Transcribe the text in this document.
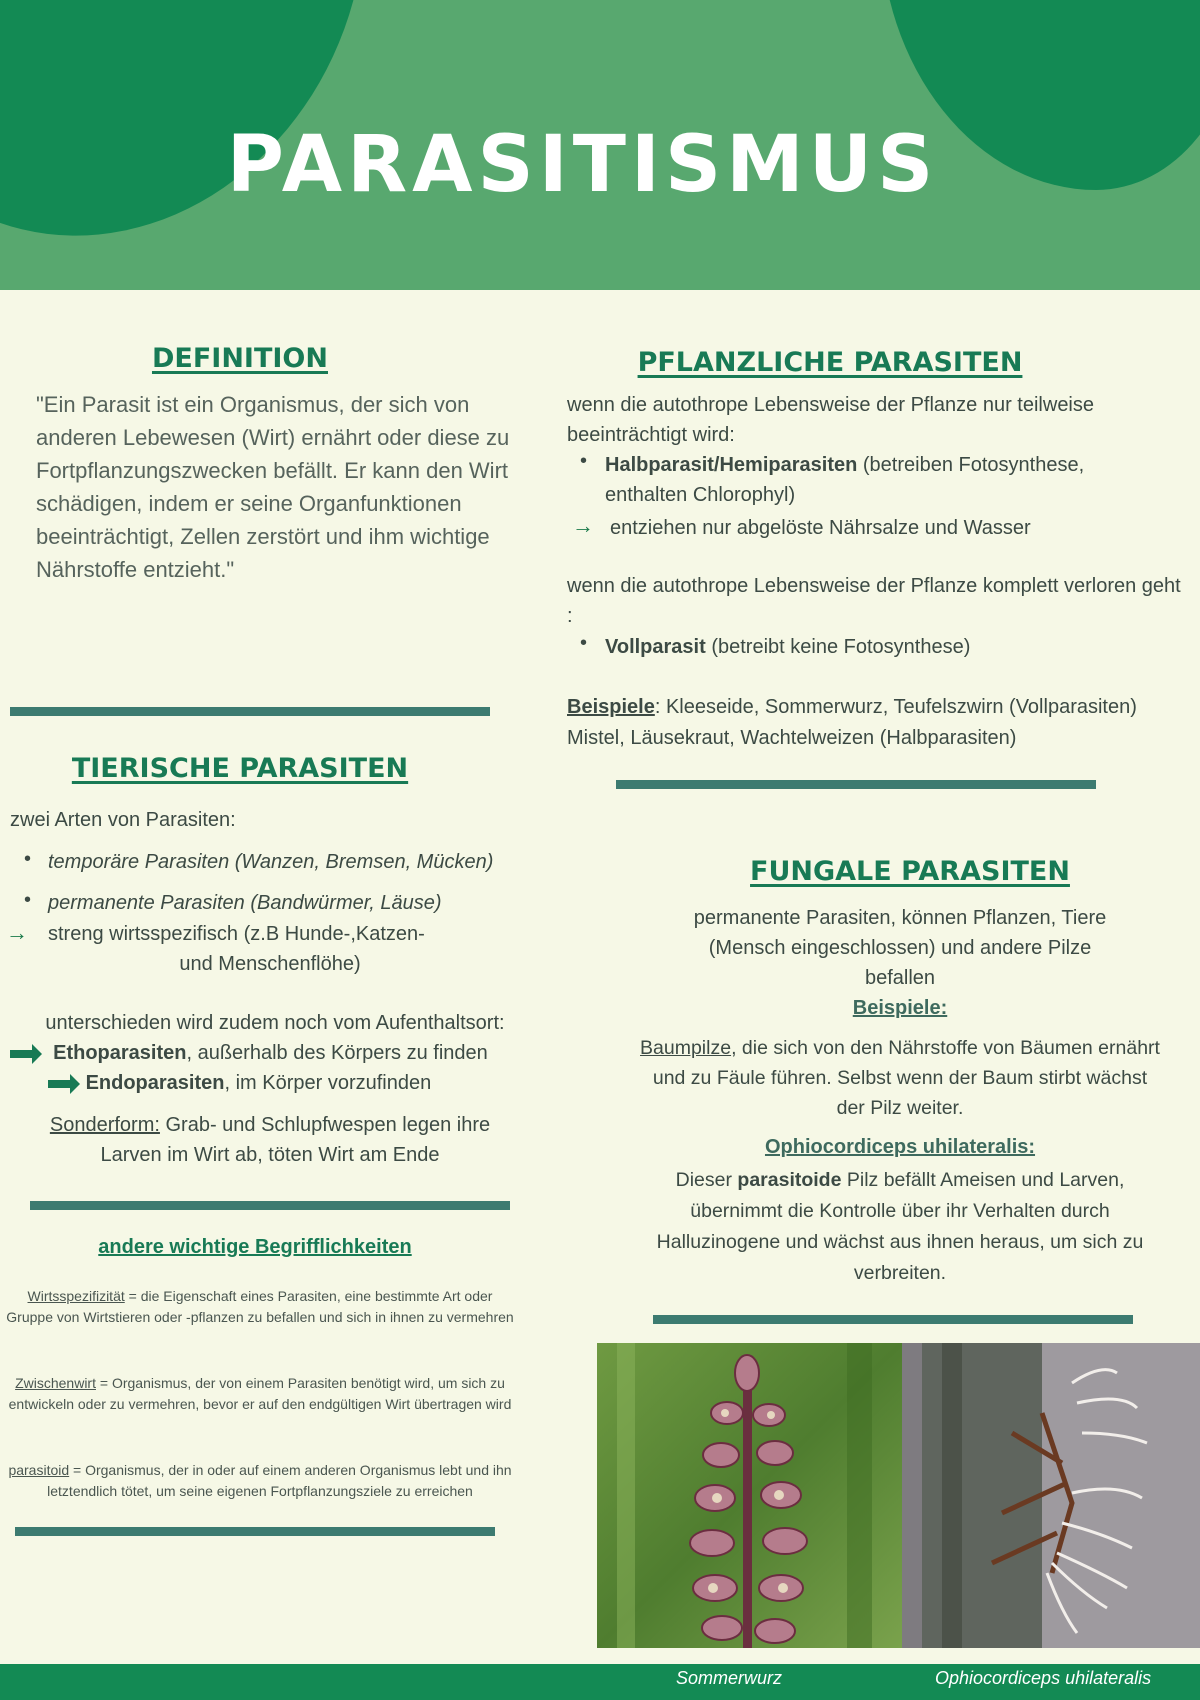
PARASITISMUS
DEFINITION

"Ein Parasit ist ein Organismus, der sich von anderen Lebewesen (Wirt) ernährt oder diese zu Fortpflanzungszwecken befällt. Er kann den Wirt schädigen, indem er seine Organfunktionen beeinträchtigt, Zellen zerstört und ihm wichtige Nährstoffe entzieht."

PFLANZLICHE PARASITEN

wenn die autothrope Lebensweise der Pflanze nur teilweise beeinträchtigt wird:

• Halbparasit/Hemiparasiten (betreiben Fotosynthese, enthalten Chlorophyl)

→ entziehen nur abgelöste Nährsalze und Wasser

wenn die autothrope Lebensweise der Pflanze komplett verloren geht :

• Vollparasit (betreibt keine Fotosynthese)

Beispiele: Kleeseide, Sommerwurz, Teufelszwirn (Vollparasiten) Mistel, Läusekraut, Wachtelweizen (Halbparasiten)

TIERISCHE PARASITEN

zwei Arten von Parasiten:

• temporäre Parasiten (Wanzen, Bremsen, Mücken)

• permanente Parasiten (Bandwürmer, Läuse)

→ streng wirtsspezifisch (z.B Hunde-,Katzen-

und Menschenflöhe)

unterschieden wird zudem noch vom Aufenthaltsort:

Ethoparasiten, außerhalb des Körpers zu finden

Endoparasiten, im Körper vorzufinden

Sonderform: Grab- und Schlupfwespen legen ihre Larven im Wirt ab, töten Wirt am Ende

andere wichtige Begrifflichkeiten

Wirtsspezifizität = die Eigenschaft eines Parasiten, eine bestimmte Art oder Gruppe von Wirtstieren oder -pflanzen zu befallen und sich in ihnen zu vermehren

Zwischenwirt = Organismus, der von einem Parasiten benötigt wird, um sich zu entwickeln oder zu vermehren, bevor er auf den endgültigen Wirt übertragen wird

parasitoid = Organismus, der in oder auf einem anderen Organismus lebt und ihn letztendlich tötet, um seine eigenen Fortpflanzungsziele zu erreichen

FUNGALE PARASITEN

permanente Parasiten, können Pflanzen, Tiere (Mensch eingeschlossen) und andere Pilze befallen

Beispiele:

Baumpilze, die sich von den Nährstoffe von Bäumen ernährt und zu Fäule führen. Selbst wenn der Baum stirbt wächst der Pilz weiter.

Ophiocordiceps uhilateralis:

Dieser parasitoide Pilz befällt Ameisen und Larven, übernimmt die Kontrolle über ihr Verhalten durch Halluzinogene und wächst aus ihnen heraus, um sich zu verbreiten.

Sommerwurz	Ophiocordiceps uhilateralis
